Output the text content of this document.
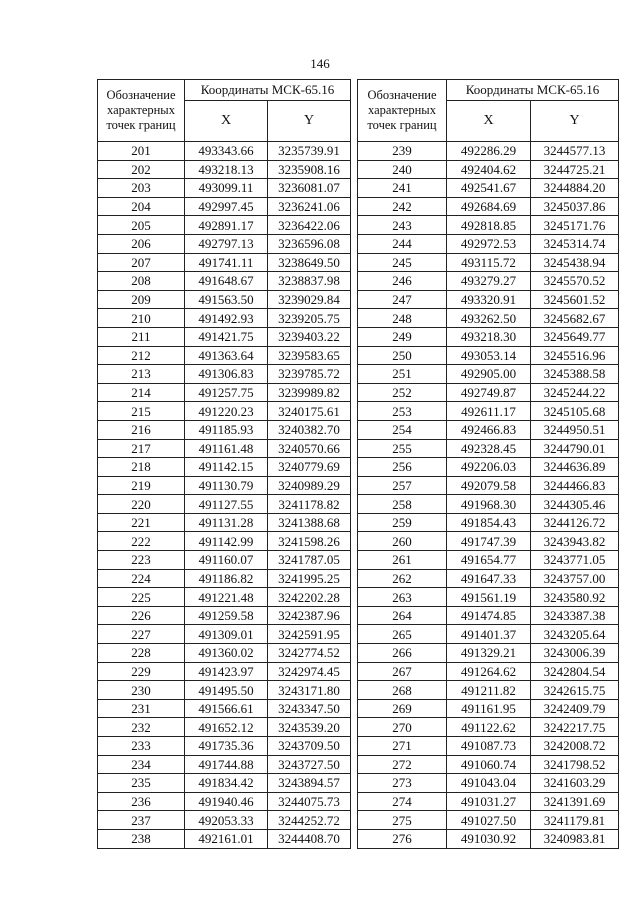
146
Обозначение характерных точек границ	Координаты МСК-65.16	
	X	Y
201	493343.66	3235739.91
202	493218.13	3235908.16
203	493099.11	3236081.07
204	492997.45	3236241.06
205	492891.17	3236422.06
206	492797.13	3236596.08
207	491741.11	3238649.50
208	491648.67	3238837.98
209	491563.50	3239029.84
210	491492.93	3239205.75
211	491421.75	3239403.22
212	491363.64	3239583.65
213	491306.83	3239785.72
214	491257.75	3239989.82
215	491220.23	3240175.61
216	491185.93	3240382.70
217	491161.48	3240570.66
218	491142.15	3240779.69
219	491130.79	3240989.29
220	491127.55	3241178.82
221	491131.28	3241388.68
222	491142.99	3241598.26
223	491160.07	3241787.05
224	491186.82	3241995.25
225	491221.48	3242202.28
226	491259.58	3242387.96
227	491309.01	3242591.95
228	491360.02	3242774.52
229	491423.97	3242974.45
230	491495.50	3243171.80
231	491566.61	3243347.50
232	491652.12	3243539.20
233	491735.36	3243709.50
234	491744.88	3243727.50
235	491834.42	3243894.57
236	491940.46	3244075.73
237	492053.33	3244252.72
238	492161.01	3244408.70
Обозначение характерных точек границ	Координаты МСК-65.16	
	X	Y
239	492286.29	3244577.13
240	492404.62	3244725.21
241	492541.67	3244884.20
242	492684.69	3245037.86
243	492818.85	3245171.76
244	492972.53	3245314.74
245	493115.72	3245438.94
246	493279.27	3245570.52
247	493320.91	3245601.52
248	493262.50	3245682.67
249	493218.30	3245649.77
250	493053.14	3245516.96
251	492905.00	3245388.58
252	492749.87	3245244.22
253	492611.17	3245105.68
254	492466.83	3244950.51
255	492328.45	3244790.01
256	492206.03	3244636.89
257	492079.58	3244466.83
258	491968.30	3244305.46
259	491854.43	3244126.72
260	491747.39	3243943.82
261	491654.77	3243771.05
262	491647.33	3243757.00
263	491561.19	3243580.92
264	491474.85	3243387.38
265	491401.37	3243205.64
266	491329.21	3243006.39
267	491264.62	3242804.54
268	491211.82	3242615.75
269	491161.95	3242409.79
270	491122.62	3242217.75
271	491087.73	3242008.72
272	491060.74	3241798.52
273	491043.04	3241603.29
274	491031.27	3241391.69
275	491027.50	3241179.81
276	491030.92	3240983.81
